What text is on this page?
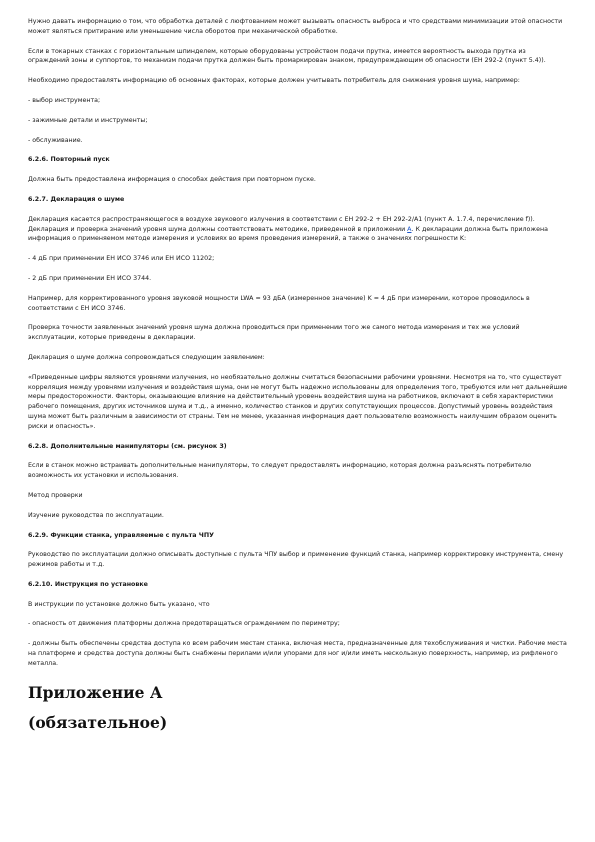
Нужно давать информацию о том, что обработка деталей с люфтованием может вызывать опасность выброса и что средствами минимизации этой опасности может являться притирание или уменьшение числа оборотов при механической обработке.

Если в токарных станках с горизонтальным шпинделем, которые оборудованы устройством подачи прутка, имеется вероятность выхода прутка из ограждений зоны и суппортов, то механизм подачи прутка должен быть промаркирован знаком, предупреждающим об опасности (ЕН 292-2 (пункт 5.4)).

Необходимо предоставлять информацию об основных факторах, которые должен учитывать потребитель для снижения уровня шума, например:

- выбор инструмента;

- зажимные детали и инструменты;

- обслуживание.

6.2.6. Повторный пуск

Должна быть предоставлена информация о способах действия при повторном пуске.

6.2.7. Декларация о шуме

Декларация касается распространяющегося в воздухе звукового излучения в соответствии с ЕН 292-2 + ЕН 292-2/А1 (пункт А. 1.7.4, перечисление f)). Декларация и проверка значений уровня шума должны соответствовать методике, приведенной в приложении А. К декларации должна быть приложена информация о применяемом методе измерения и условиях во время проведения измерений, а также о значениях погрешности K:

- 4 дБ при применении ЕН ИСО 3746 или ЕН ИСО 11202;

- 2 дБ при применении ЕН ИСО 3744.

Например, для корректированного уровня звуковой мощности LWA = 93 дБА (измеренное значение) K = 4 дБ при измерении, которое проводилось в соответствии с ЕН ИСО 3746.

Проверка точности заявленных значений уровня шума должна проводиться при применении того же самого метода измерения и тех же условий эксплуатации, которые приведены в декларации.

Декларация о шуме должна сопровождаться следующим заявлением:

«Приведенные цифры являются уровнями излучения, но необязательно должны считаться безопасными рабочими уровнями. Несмотря на то, что существует корреляция между уровнями излучения и воздействия шума, они не могут быть надежно использованы для определения того, требуются или нет дальнейшие меры предосторожности. Факторы, оказывающие влияние на действительный уровень воздействия шума на работников, включают в себя характеристики рабочего помещения, других источников шума и т.д., а именно, количество станков и других сопутствующих процессов. Допустимый уровень воздействия шума может быть различным в зависимости от страны. Тем не менее, указанная информация дает пользователю возможность наилучшим образом оценить риски и опасность».

6.2.8. Дополнительные манипуляторы (см. рисунок 3)

Если в станок можно встраивать дополнительные манипуляторы, то следует предоставлять информацию, которая должна разъяснять потребителю возможность их установки и использования.

Метод проверки

Изучение руководства по эксплуатации.

6.2.9. Функции станка, управляемые с пульта ЧПУ

Руководство по эксплуатации должно описывать доступные с пульта ЧПУ выбор и применение функций станка, например корректировку инструмента, смену режимов работы и т.д.

6.2.10. Инструкция по установке

В инструкции по установке должно быть указано, что

- опасность от движения платформы должна предотвращаться ограждением по периметру;

- должны быть обеспечены средства доступа ко всем рабочим местам станка, включая места, предназначенные для техобслуживания и чистки. Рабочие места на платформе и средства доступа должны быть снабжены перилами и/или упорами для ног и/или иметь нескользкую поверхность, например, из рифленого металла.

Приложение А
(обязательное)
